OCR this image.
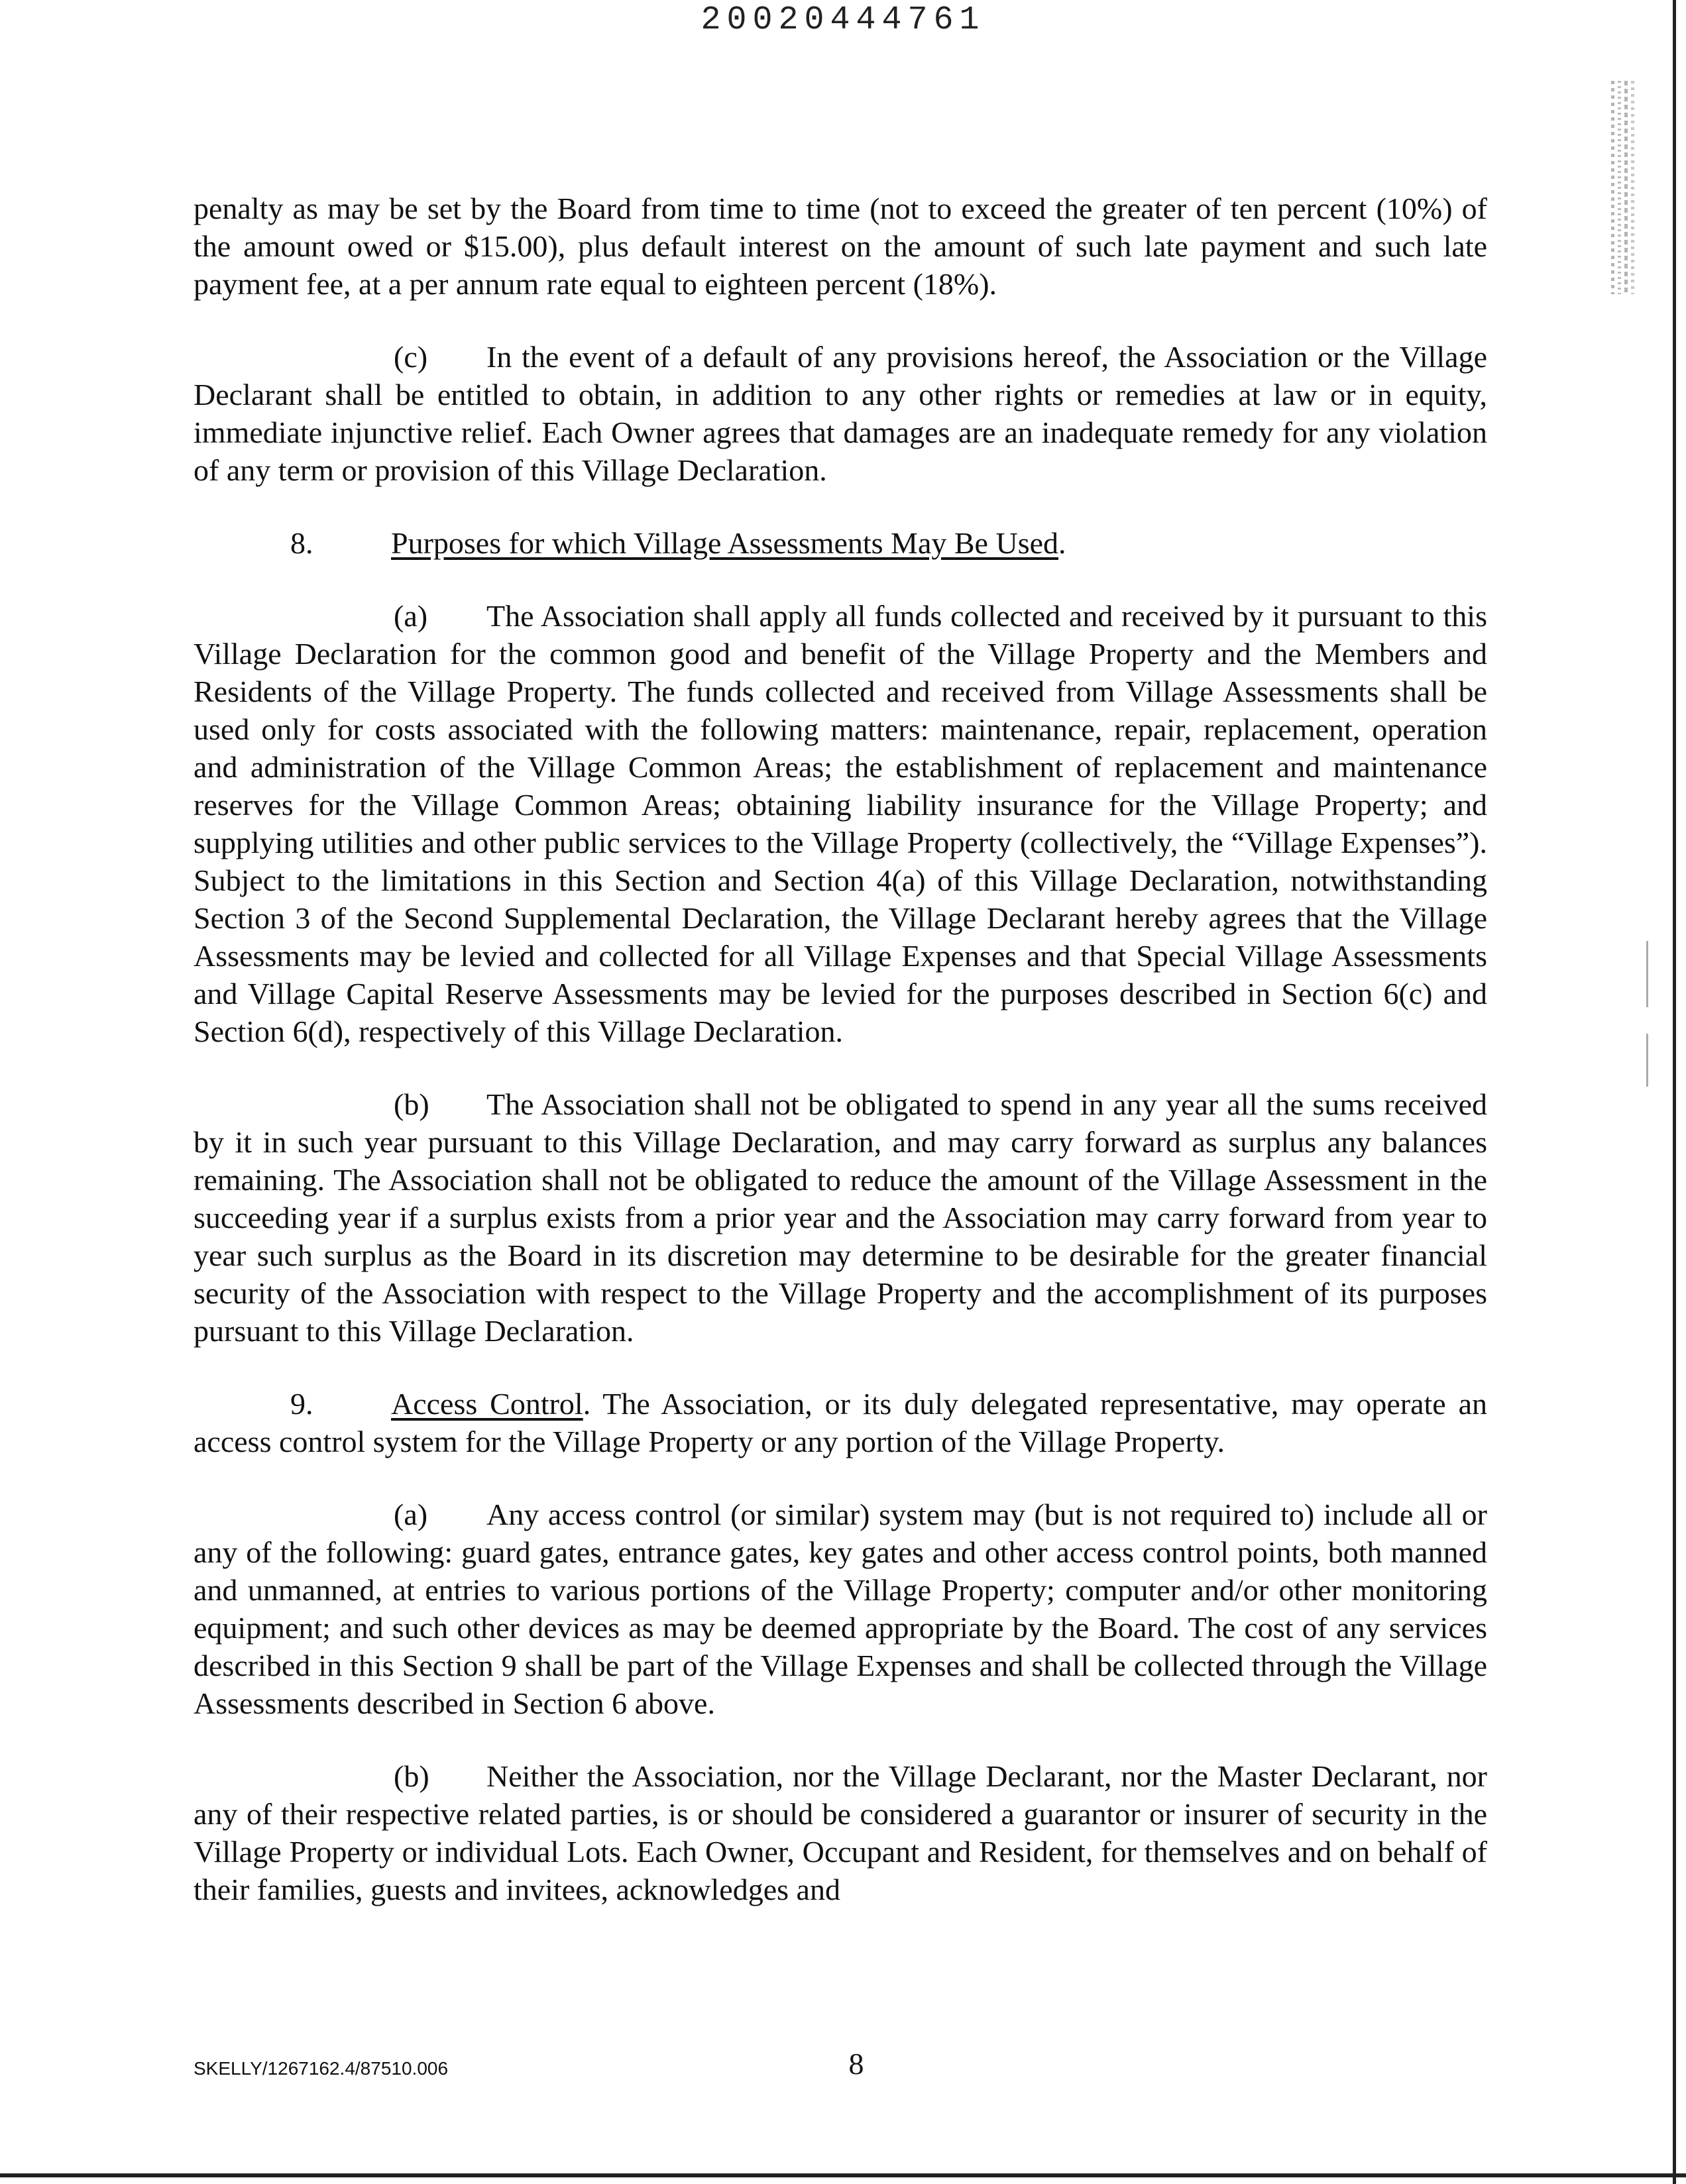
20020444761

penalty as may be set by the Board from time to time (not to exceed the greater of ten percent (10%) of the amount owed or $15.00), plus default interest on the amount of such late payment and such late payment fee, at a per annum rate equal to eighteen percent (18%).

(c) In the event of a default of any provisions hereof, the Association or the Village Declarant shall be entitled to obtain, in addition to any other rights or remedies at law or in equity, immediate injunctive relief. Each Owner agrees that damages are an inadequate remedy for any violation of any term or provision of this Village Declaration.

8.	Purposes for which Village Assessments May Be Used.

(a) The Association shall apply all funds collected and received by it pursuant to this Village Declaration for the common good and benefit of the Village Property and the Members and Residents of the Village Property. The funds collected and received from Village Assessments shall be used only for costs associated with the following matters: maintenance, repair, replacement, operation and administration of the Village Common Areas; the establishment of replacement and maintenance reserves for the Village Common Areas; obtaining liability insurance for the Village Property; and supplying utilities and other public services to the Village Property (collectively, the “Village Expenses”). Subject to the limitations in this Section and Section 4(a) of this Village Declaration, notwithstanding Section 3 of the Second Supplemental Declaration, the Village Declarant hereby agrees that the Village Assessments may be levied and collected for all Village Expenses and that Special Village Assessments and Village Capital Reserve Assessments may be levied for the purposes described in Section 6(c) and Section 6(d), respectively of this Village Declaration.

(b) The Association shall not be obligated to spend in any year all the sums received by it in such year pursuant to this Village Declaration, and may carry forward as surplus any balances remaining. The Association shall not be obligated to reduce the amount of the Village Assessment in the succeeding year if a surplus exists from a prior year and the Association may carry forward from year to year such surplus as the Board in its discretion may determine to be desirable for the greater financial security of the Association with respect to the Village Property and the accomplishment of its purposes pursuant to this Village Declaration.

9.	Access Control. The Association, or its duly delegated representative, may operate an access control system for the Village Property or any portion of the Village Property.

(a) Any access control (or similar) system may (but is not required to) include all or any of the following: guard gates, entrance gates, key gates and other access control points, both manned and unmanned, at entries to various portions of the Village Property; computer and/or other monitoring equipment; and such other devices as may be deemed appropriate by the Board. The cost of any services described in this Section 9 shall be part of the Village Expenses and shall be collected through the Village Assessments described in Section 6 above.

(b) Neither the Association, nor the Village Declarant, nor the Master Declarant, nor any of their respective related parties, is or should be considered a guarantor or insurer of security in the Village Property or individual Lots. Each Owner, Occupant and Resident, for themselves and on behalf of their families, guests and invitees, acknowledges and

SKELLY/1267162.4/87510.006	8
